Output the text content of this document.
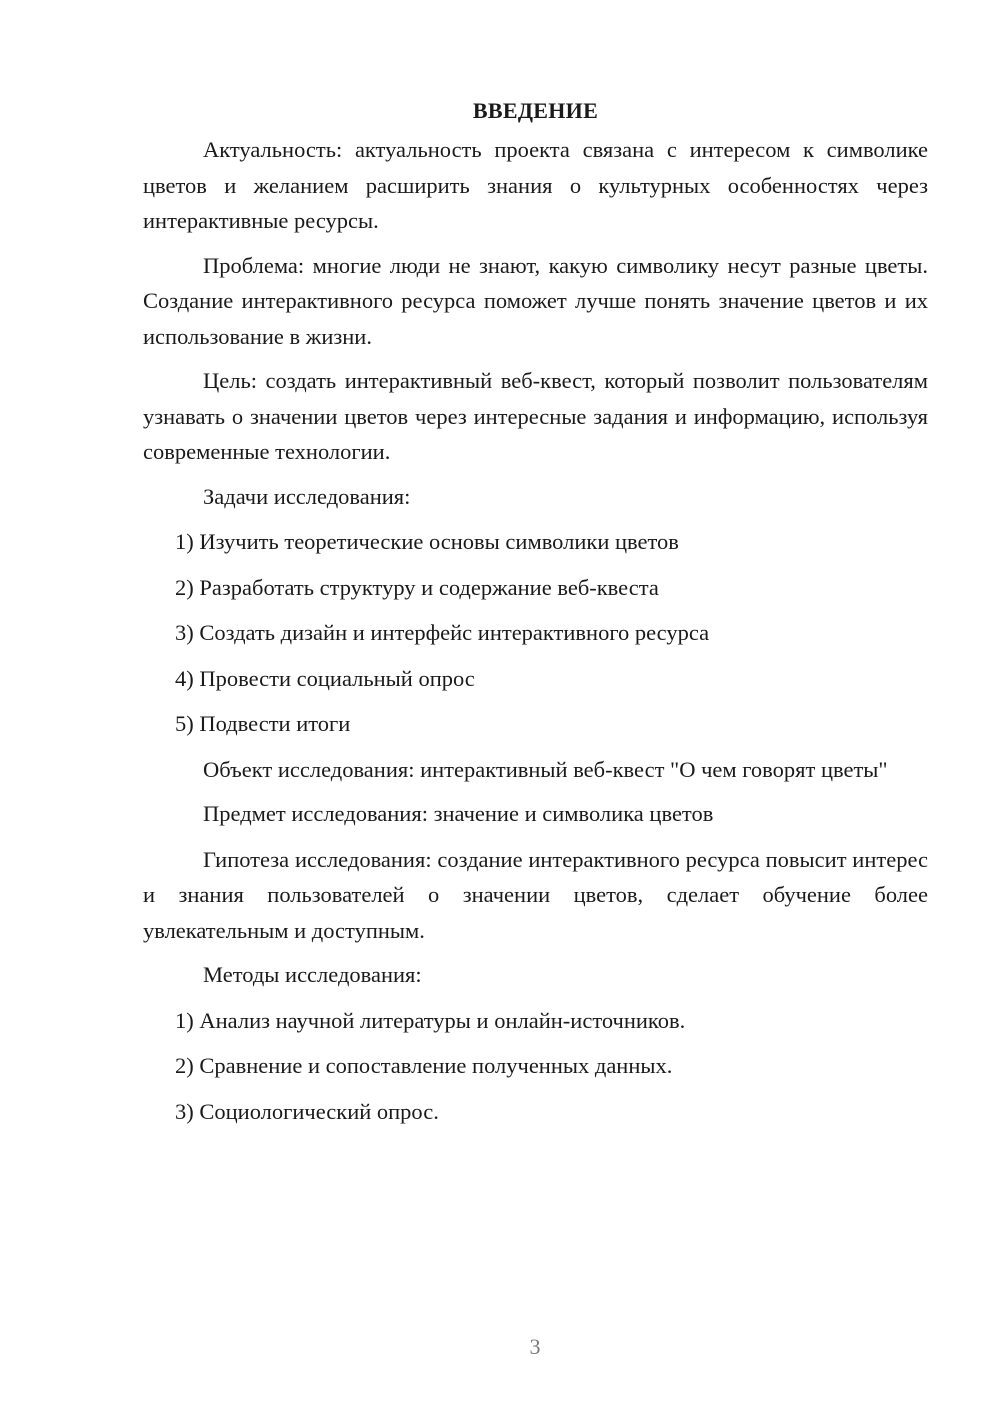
ВВЕДЕНИЕ

Актуальность: актуальность проекта связана с интересом к символике цветов и желанием расширить знания о культурных особенностях через интерактивные ресурсы.

Проблема: многие люди не знают, какую символику несут разные цветы. Создание интерактивного ресурса поможет лучше понять значение цветов и их использование в жизни.

Цель: создать интерактивный веб-квест, который позволит пользователям узнавать о значении цветов через интересные задания и информацию, используя современные технологии.

Задачи исследования:
1) Изучить теоретические основы символики цветов
2) Разработать структуру и содержание веб-квеста
3) Создать дизайн и интерфейс интерактивного ресурса
4) Провести социальный опрос
5) Подвести итоги

Объект исследования: интерактивный веб-квест "О чем говорят цветы"

Предмет исследования: значение и символика цветов

Гипотеза исследования: создание интерактивного ресурса повысит интерес и знания пользователей о значении цветов, сделает обучение более увлекательным и доступным.

Методы исследования:
1) Анализ научной литературы и онлайн-источников.
2) Сравнение и сопоставление полученных данных.
3) Социологический опрос.
3
